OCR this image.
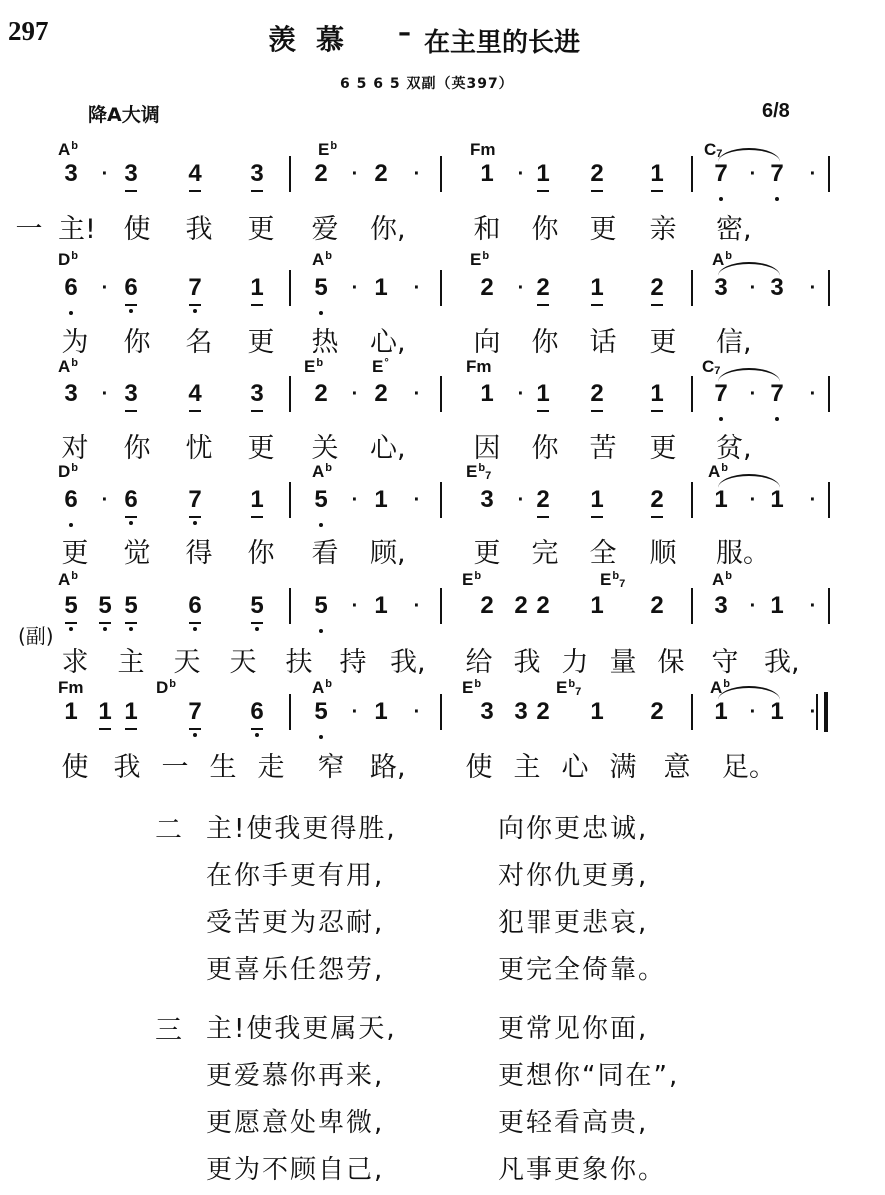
297	羡慕 – 在主里的长进
6 5 6 5 双副（英397）
降A大调	6/8
$A^b$	$E^b$	Fm	$C_7$
3	· 3 4 3 2	· 2	· 1	· 1 2 1 7	· 7	·
$D^b$	$A^b$	$E^b$	$A^b$
6	· 6 7 1 5	· 1	· 2	· 2 1 2 3	· 3	·
$A^b$	$E^b$	E°	Fm	$C_7$
3	· 3 4 3 2	· 2	· 1	· 1 2 1 7	· 7	·
$D^b$	$A^b$	$E^b_7$	$A^b$
6	· 6 7 1 5	· 1	· 3	· 2 1 2 1	· 1	·
$A^b$	$E^b$	$E^b_7$	$A^b$
5 5 5 6 5 5	· 1	· 2 2 2 1 2 3	· 1	·
Fm	$D^b$	$A^b$	$E^b$	$E^b_7$	$A^b$
1 1 1 7 6 5	· 1	· 3 3 2 1 2 1	· 1	·
一 主! 使 我 更 爱 你,	和 你 更 亲 密,
为 你 名 更 热 心,	向 你 话 更 信,
对 你 忧 更 关 心,	因 你 苦 更 贫,
更 觉 得 你 看 顾,	更 完 全 顺 服。
求 主 天 天 扶 持 我, 给 我 力 量 保 守 我,
使 我 一 生 走 窄 路, 使 主 心 满 意 足。
(副)
二 主!使我更得胜,	向你更忠诚,
在你手更有用,	对你仇更勇,
受苦更为忍耐,	犯罪更悲哀,
更喜乐任怨劳,	更完全倚靠。
三 主!使我更属天,	更常见你面,
更爱慕你再来,	更想你“同在”,
更愿意处卑微,	更轻看高贵,
更为不顾自己,	凡事更象你。
